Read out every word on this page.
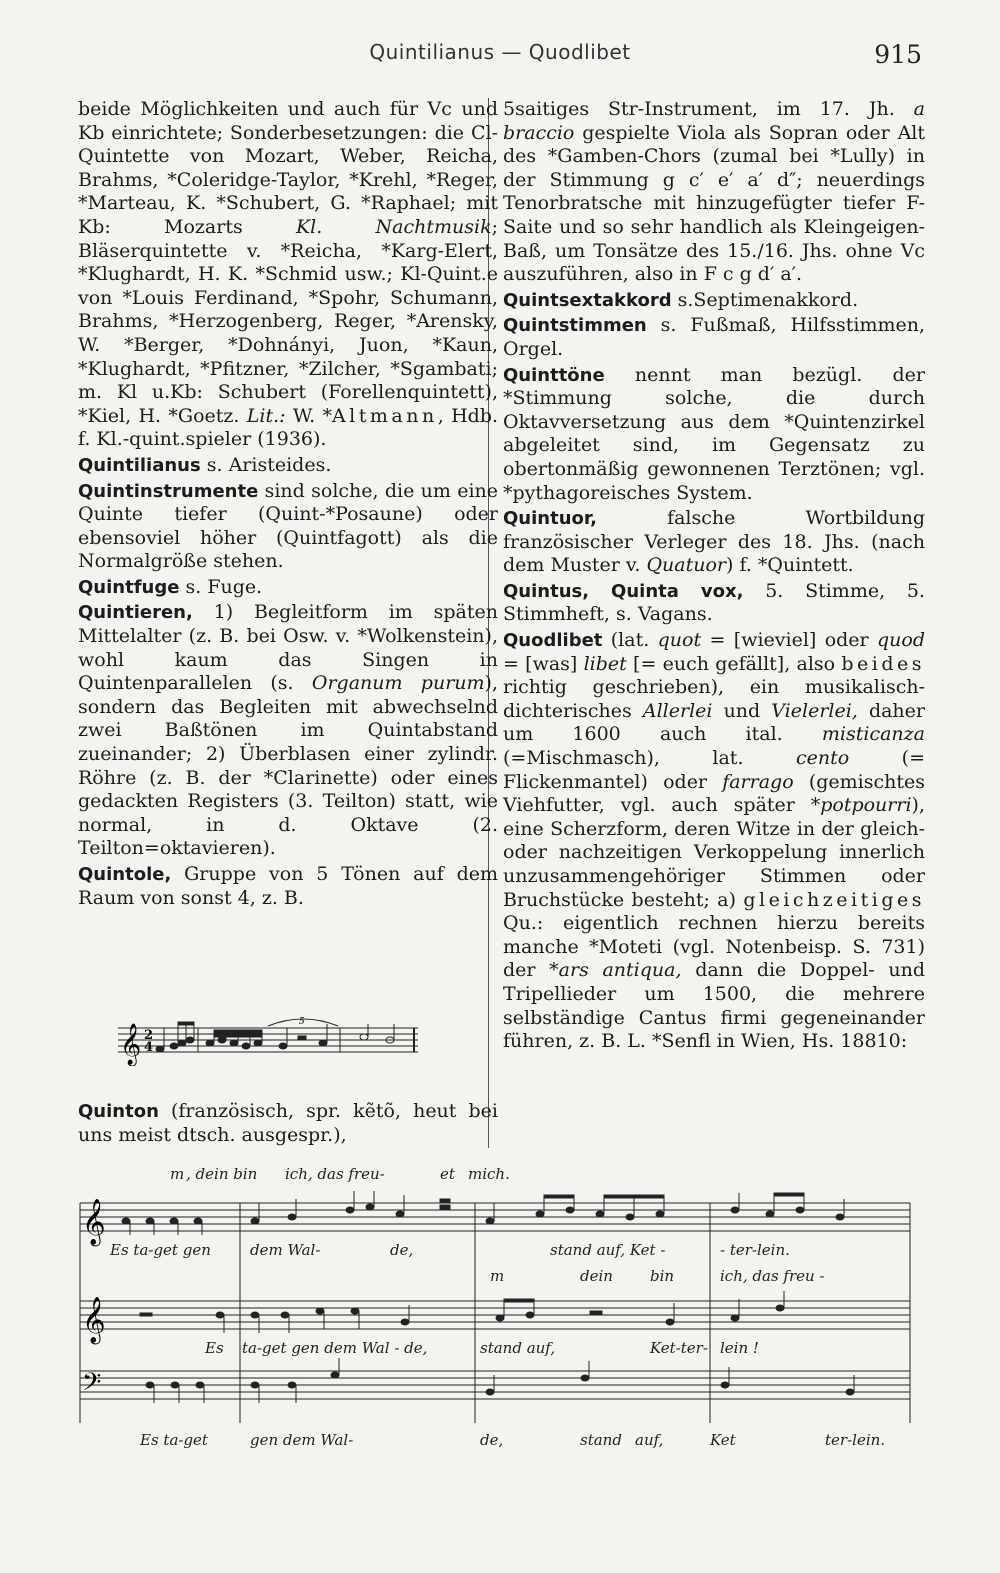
Quintilianus — Quodlibet	915

beide Möglichkeiten und auch für Vc und Kb einrichtete; Sonderbesetzungen: die Cl-Quintette von Mozart, Weber, Reicha, Brahms, *Coleridge-Taylor, *Krehl, *Reger, *Marteau, K. *Schubert, G. *Raphael; mit Kb: Mozarts Kl. Nachtmusik; Bläserquintette v. *Reicha, *Karg-Elert, *Klughardt, H. K. *Schmid usw.; Kl-Quint.e von *Louis Ferdinand, *Spohr, Schumann, Brahms, *Herzogenberg, Reger, *Arensky, W. *Berger, *Dohnányi, Juon, *Kaun, *Klughardt, *Pfitzner, *Zilcher, *Sgambati; m. Kl u.Kb: Schubert (Forellenquintett), *Kiel, H. *Goetz. Lit.: W. *Altmann, Hdb. f. Kl.-quint.spieler (1936).

Quintilianus s. Aristeides.

Quintinstrumente sind solche, die um eine Quinte tiefer (Quint-*Posaune) oder ebensoviel höher (Quintfagott) als die Normalgröße stehen.

Quintfuge s. Fuge.

Quintieren, 1) Begleitform im späten Mittelalter (z. B. bei Osw. v. *Wolkenstein), wohl kaum das Singen in Quintenparallelen (s. Organum purum), sondern das Begleiten mit abwechselnd zwei Baßtönen im Quintabstand zueinander; 2) Überblasen einer zylindr. Röhre (z. B. der *Clarinette) oder eines gedackten Registers (3. Teilton) statt, wie normal, in d. Oktave (2. Teilton=oktavieren).

Quintole, Gruppe von 5 Tönen auf dem Raum von sonst 4, z. B.

Quinton (französisch, spr. kẽtõ, heut bei uns meist dtsch. ausgespr.),
𝄞 2
4
5

5saitiges Str-Instrument, im 17. Jh. a braccio gespielte Viola als Sopran oder Alt des *Gamben-Chors (zumal bei *Lully) in der Stimmung g c′ e′ a′ d″; neuerdings Tenorbratsche mit hinzugefügter tiefer F-Saite und so sehr handlich als Kleingeigen-Baß, um Tonsätze des 15./16. Jhs. ohne Vc auszuführen, also in F c g d′ a′.

Quintsextakkord s.Septimenakkord.

Quintstimmen s. Fußmaß, Hilfsstimmen, Orgel.

Quinttöne nennt man bezügl. der *Stimmung solche, die durch Oktavversetzung aus dem *Quintenzirkel abgeleitet sind, im Gegensatz zu obertonmäßig gewonnenen Terztönen; vgl. *pythagoreisches System.

Quintuor, falsche Wortbildung französischer Verleger des 18. Jhs. (nach dem Muster v. Quatuor) f. *Quintett.

Quintus, Quinta vox, 5. Stimme, 5. Stimmheft, s. Vagans.

Quodlibet (lat. quot = [wieviel] oder quod = [was] libet [= euch gefällt], also beides richtig geschrieben), ein musikalisch-dichterisches Allerlei und Vielerlei, daher um 1600 auch ital. misticanza (=Mischmasch), lat. cento (= Flickenmantel) oder farrago (gemischtes Viehfutter, vgl. auch später *potpourri), eine Scherzform, deren Witze in der gleich- oder nachzeitigen Verkoppelung innerlich unzusammengehöriger Stimmen oder Bruchstücke besteht; a) gleichzeitiges Qu.: eigentlich rechnen hierzu bereits manche *Moteti (vgl. Notenbeisp. S. 731) der *ars antiqua, dann die Doppel- und Tripellieder um 1500, die mehrere selbständige Cantus firmi gegeneinander führen, z. B. L. *Senfl in Wien, Hs. 18810:

m , dein bin ich, das freu-	et mich.
𝄞
Es ta-get gen	dem Wal-	de,	stand auf, Ket -	- ter-lein.
m	dein bin	ich, das freu -
𝄞
Es ta-get gen dem Wal - de,	stand auf,	Ket-ter- lein !
𝄢
Es ta-get	gen dem Wal-	de,	stand auf,	Ket	ter-lein.
